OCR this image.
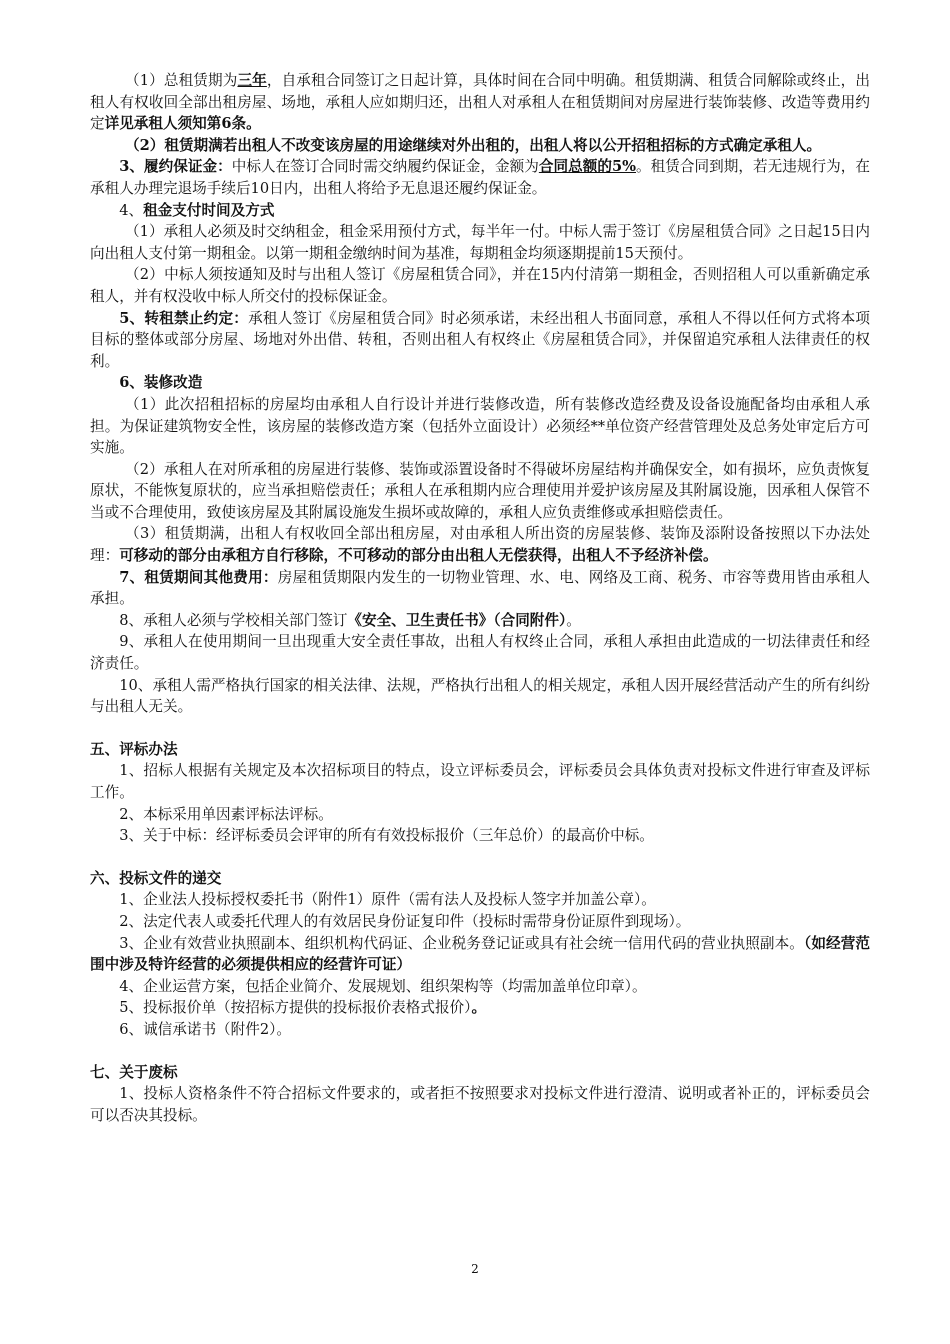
（1）总租赁期为三年，自承租合同签订之日起计算，具体时间在合同中明确。租赁期满、租赁合同解除或终止，出租人有权收回全部出租房屋、场地，承租人应如期归还，出租人对承租人在租赁期间对房屋进行装饰装修、改造等费用约定详见承租人须知第6条。

（2）租赁期满若出租人不改变该房屋的用途继续对外出租的，出租人将以公开招租招标的方式确定承租人。

3、履约保证金：中标人在签订合同时需交纳履约保证金，金额为合同总额的5%。租赁合同到期，若无违规行为，在承租人办理完退场手续后10日内，出租人将给予无息退还履约保证金。

4、租金支付时间及方式

（1）承租人必须及时交纳租金，租金采用预付方式，每半年一付。中标人需于签订《房屋租赁合同》之日起15日内向出租人支付第一期租金。以第一期租金缴纳时间为基准，每期租金均须逐期提前15天预付。

（2）中标人须按通知及时与出租人签订《房屋租赁合同》，并在15内付清第一期租金，否则招租人可以重新确定承租人，并有权没收中标人所交付的投标保证金。

5、转租禁止约定：承租人签订《房屋租赁合同》时必须承诺，未经出租人书面同意，承租人不得以任何方式将本项目标的整体或部分房屋、场地对外出借、转租，否则出租人有权终止《房屋租赁合同》，并保留追究承租人法律责任的权利。

6、装修改造

（1）此次招租招标的房屋均由承租人自行设计并进行装修改造，所有装修改造经费及设备设施配备均由承租人承担。为保证建筑物安全性，该房屋的装修改造方案（包括外立面设计）必须经**单位资产经营管理处及总务处审定后方可实施。

（2）承租人在对所承租的房屋进行装修、装饰或添置设备时不得破坏房屋结构并确保安全，如有损坏，应负责恢复原状，不能恢复原状的，应当承担赔偿责任；承租人在承租期内应合理使用并爱护该房屋及其附属设施，因承租人保管不当或不合理使用，致使该房屋及其附属设施发生损坏或故障的，承租人应负责维修或承担赔偿责任。

（3）租赁期满，出租人有权收回全部出租房屋，对由承租人所出资的房屋装修、装饰及添附设备按照以下办法处理：可移动的部分由承租方自行移除，不可移动的部分由出租人无偿获得，出租人不予经济补偿。

7、租赁期间其他费用：房屋租赁期限内发生的一切物业管理、水、电、网络及工商、税务、市容等费用皆由承租人承担。

8、承租人必须与学校相关部门签订《安全、卫生责任书》（合同附件）。

9、承租人在使用期间一旦出现重大安全责任事故，出租人有权终止合同，承租人承担由此造成的一切法律责任和经济责任。

10、承租人需严格执行国家的相关法律、法规，严格执行出租人的相关规定，承租人因开展经营活动产生的所有纠纷与出租人无关。

五、评标办法

1、招标人根据有关规定及本次招标项目的特点，设立评标委员会，评标委员会具体负责对投标文件进行审查及评标工作。

2、本标采用单因素评标法评标。

3、关于中标：经评标委员会评审的所有有效投标报价（三年总价）的最高价中标。

六、投标文件的递交

1、企业法人投标授权委托书（附件1）原件（需有法人及投标人签字并加盖公章）。

2、法定代表人或委托代理人的有效居民身份证复印件（投标时需带身份证原件到现场）。

3、企业有效营业执照副本、组织机构代码证、企业税务登记证或具有社会统一信用代码的营业执照副本。（如经营范围中涉及特许经营的必须提供相应的经营许可证）

4、企业运营方案，包括企业简介、发展规划、组织架构等（均需加盖单位印章）。

5、投标报价单（按招标方提供的投标报价表格式报价）。

6、诚信承诺书（附件2）。

七、关于废标

1、投标人资格条件不符合招标文件要求的，或者拒不按照要求对投标文件进行澄清、说明或者补正的，评标委员会可以否决其投标。

2
